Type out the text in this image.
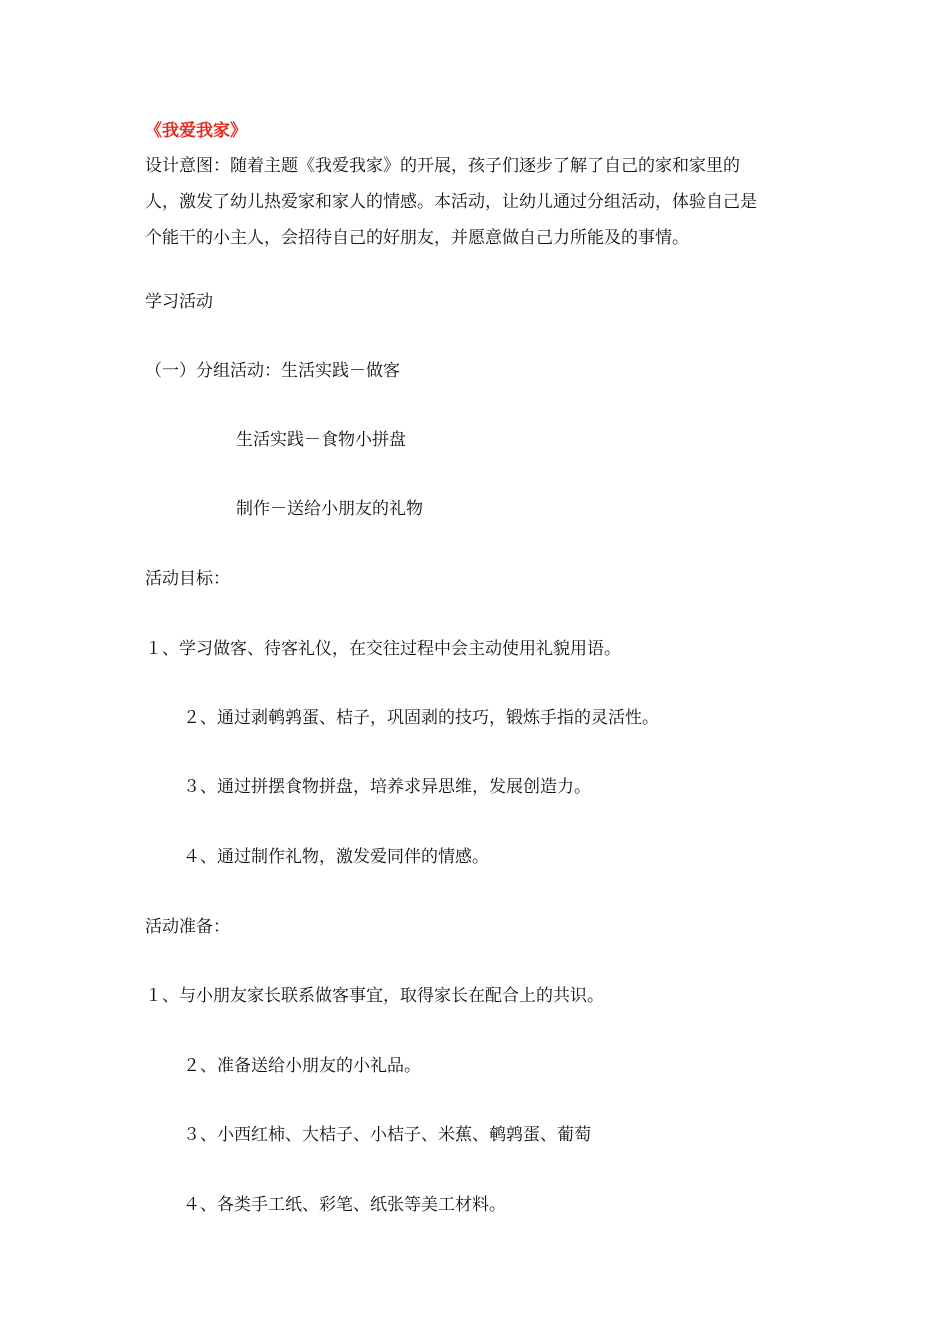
《我爱我家》

设计意图：随着主题《我爱我家》的开展，孩子们逐步了解了自己的家和家里的

人，激发了幼儿热爱家和家人的情感。本活动，让幼儿通过分组活动，体验自己是

个能干的小主人，会招待自己的好朋友，并愿意做自己力所能及的事情。

学习活动
（一）分组活动：生活实践－做客
生活实践－食物小拼盘
制作－送给小朋友的礼物
活动目标：
１、学习做客、待客礼仪，在交往过程中会主动使用礼貌用语。
２、通过剥鹌鹑蛋、桔子，巩固剥的技巧，锻炼手指的灵活性。
３、通过拼摆食物拼盘，培养求异思维，发展创造力。
４、通过制作礼物，激发爱同伴的情感。
活动准备：
１、与小朋友家长联系做客事宜，取得家长在配合上的共识。
２、准备送给小朋友的小礼品。
３、小西红柿、大桔子、小桔子、米蕉、鹌鹑蛋、葡萄
４、各类手工纸、彩笔、纸张等美工材料。
